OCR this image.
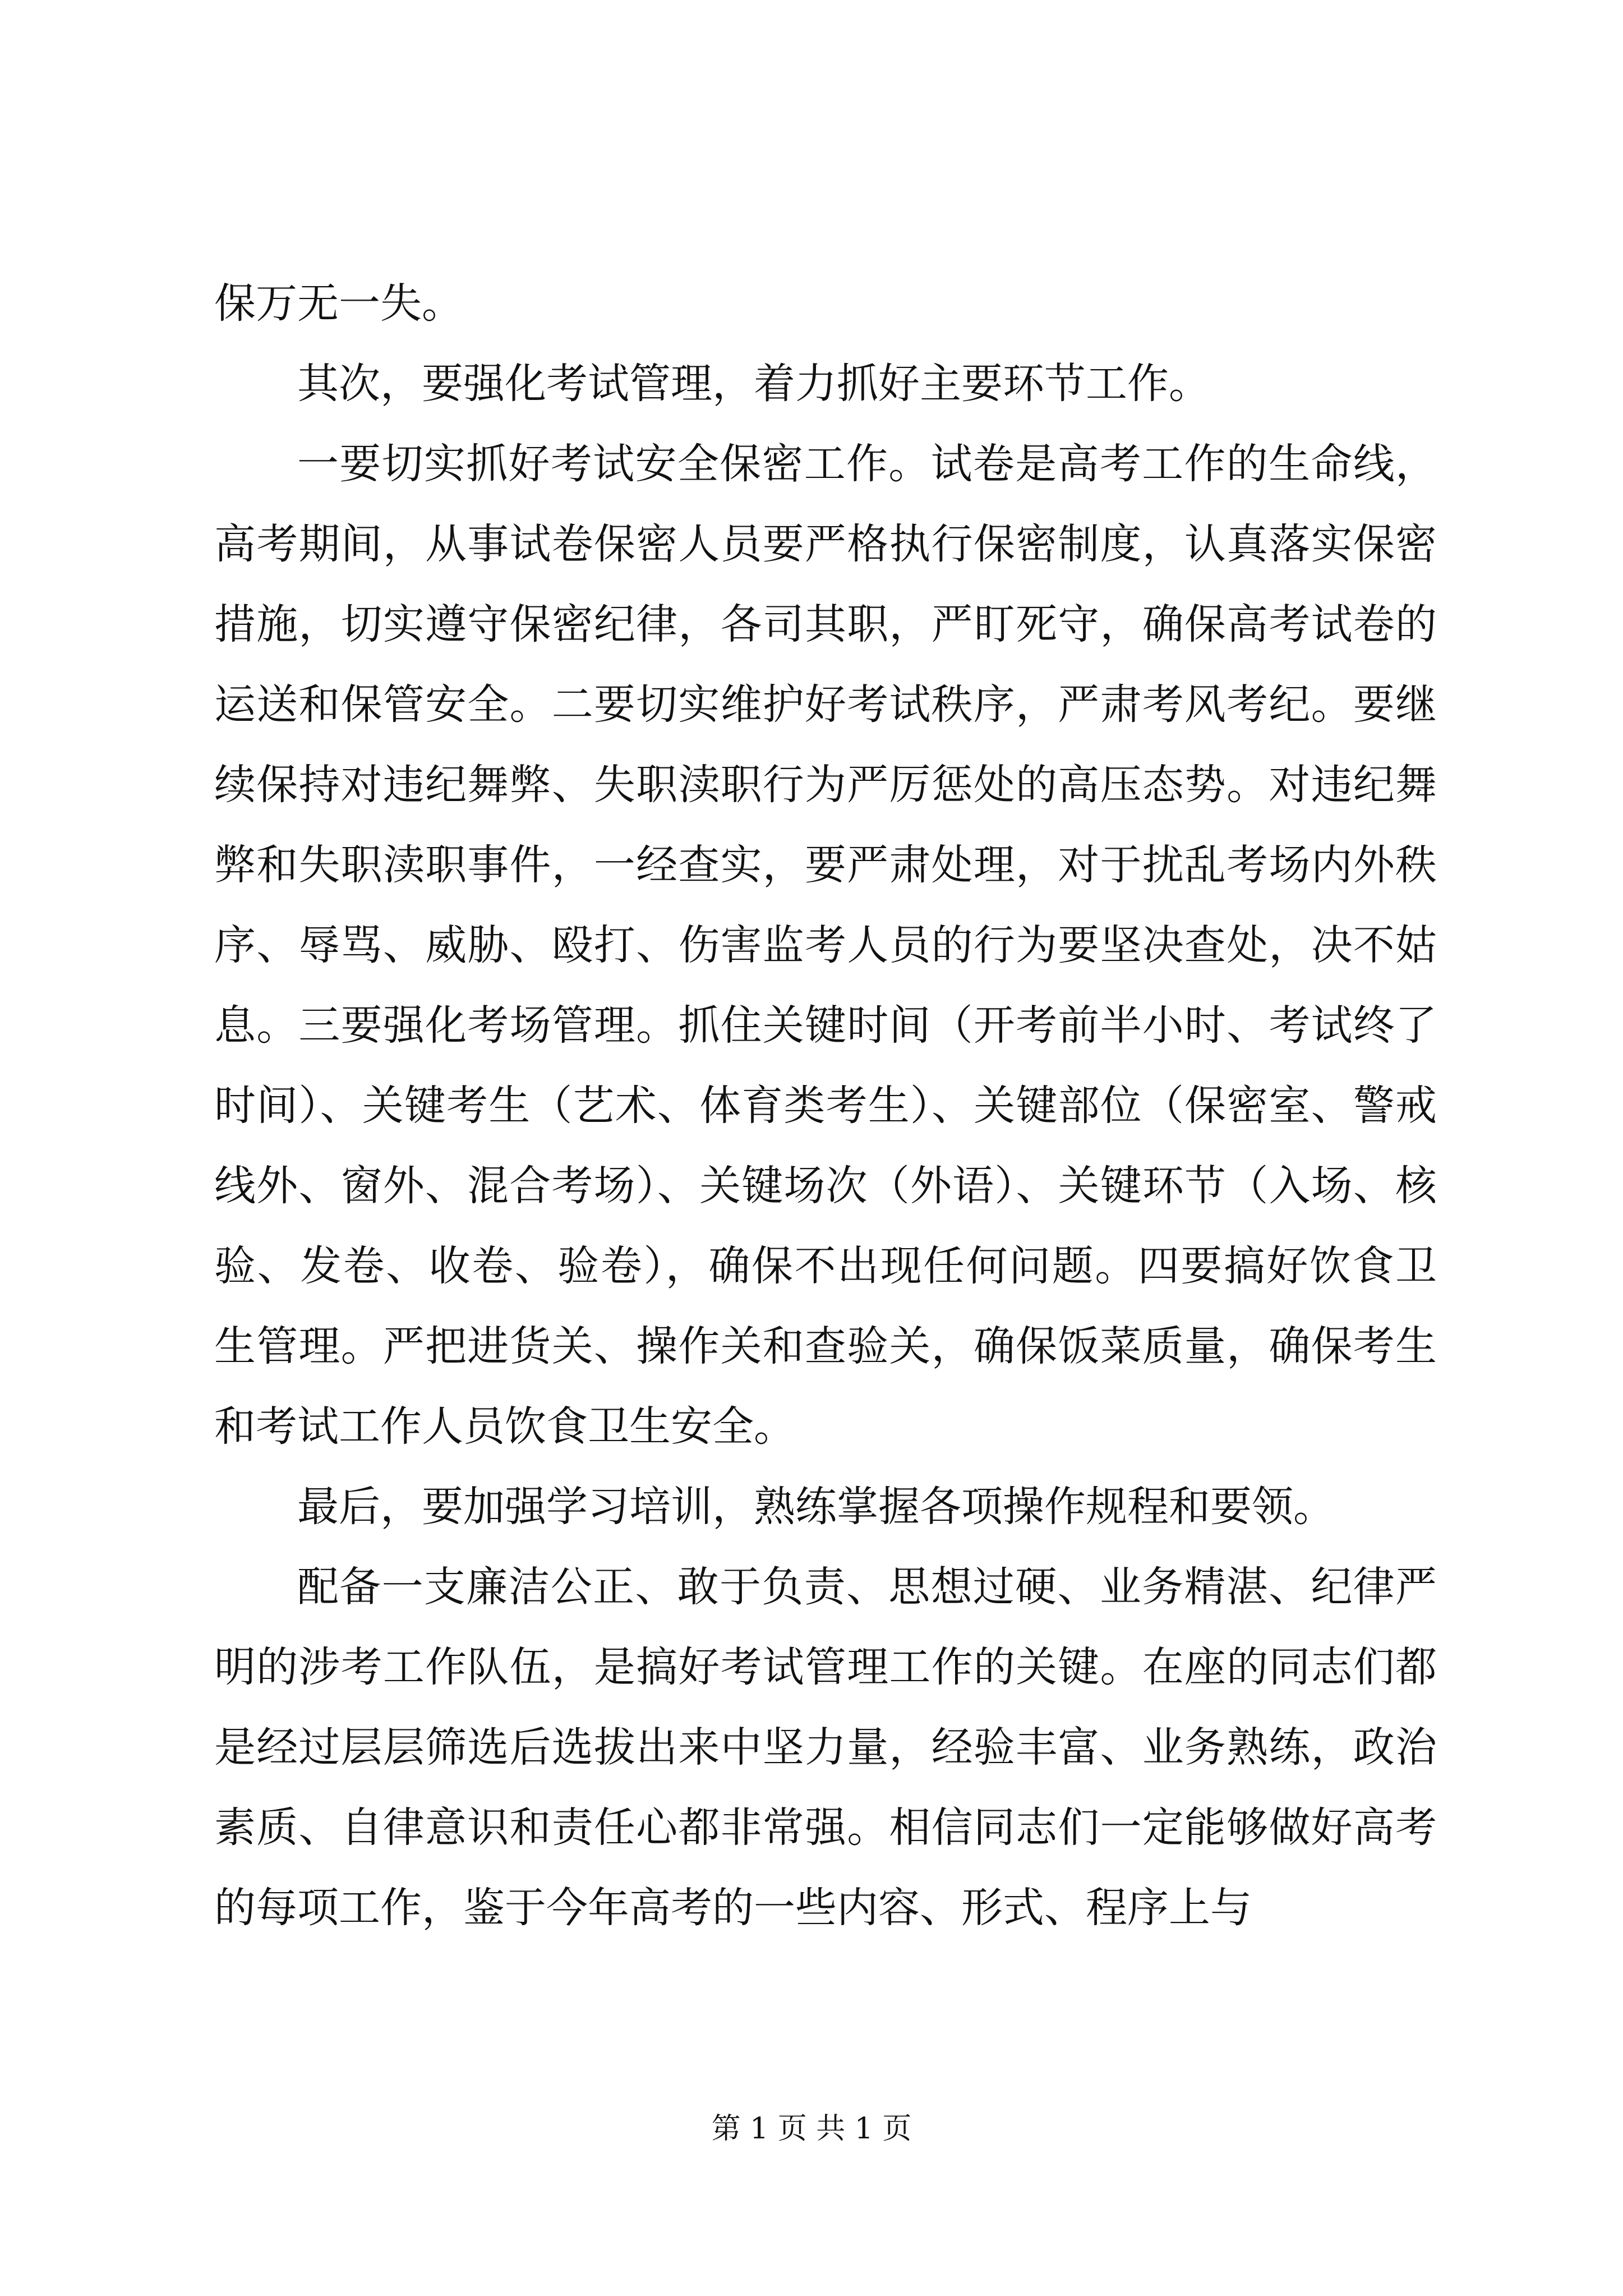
保万无一失。

其次，要强化考试管理，着力抓好主要环节工作。

一要切实抓好考试安全保密工作。试卷是高考工作的生命线，高考期间，从事试卷保密人员要严格执行保密制度，认真落实保密措施，切实遵守保密纪律，各司其职，严盯死守，确保高考试卷的运送和保管安全。二要切实维护好考试秩序，严肃考风考纪。要继续保持对违纪舞弊、失职渎职行为严厉惩处的高压态势。对违纪舞弊和失职渎职事件，一经查实，要严肃处理，对于扰乱考场内外秩序、辱骂、威胁、殴打、伤害监考人员的行为要坚决查处，决不姑息。三要强化考场管理。抓住关键时间（开考前半小时、考试终了时间）、关键考生（艺术、体育类考生）、关键部位（保密室、警戒线外、窗外、混合考场）、关键场次（外语）、关键环节（入场、核验、发卷、收卷、验卷），确保不出现任何问题。四要搞好饮食卫生管理。严把进货关、操作关和查验关，确保饭菜质量，确保考生和考试工作人员饮食卫生安全。

最后，要加强学习培训，熟练掌握各项操作规程和要领。

配备一支廉洁公正、敢于负责、思想过硬、业务精湛、纪律严明的涉考工作队伍，是搞好考试管理工作的关键。在座的同志们都是经过层层筛选后选拔出来中坚力量，经验丰富、业务熟练，政治素质、自律意识和责任心都非常强。相信同志们一定能够做好高考的每项工作，鉴于今年高考的一些内容、形式、程序上与

第 1 页 共 1 页
